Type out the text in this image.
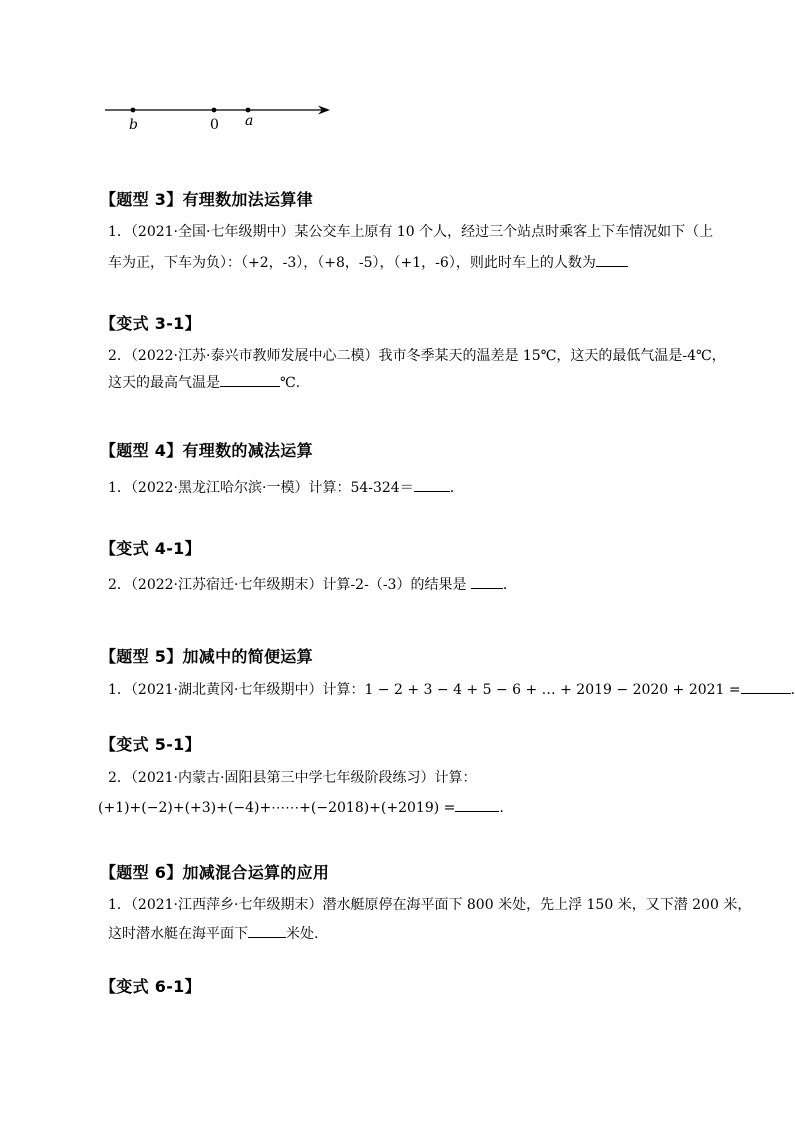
b	0 a
【题型 3】有理数加法运算律
1．（2021·全国·七年级期中）某公交车上原有 10 个人，经过三个站点时乘客上下车情况如下（上
车为正，下车为负）：（+2，-3），（+8，-5），（+1，-6），则此时车上的人数为
【变式 3-1】
2．（2022·江苏·泰兴市教师发展中心二模）我市冬季某天的温差是 15℃，这天的最低气温是-4℃，
这天的最高气温是	℃.
【题型 4】有理数的减法运算
1．（2022·黑龙江哈尔滨·一模）计算：54-324＝	.
【变式 4-1】
2．（2022·江苏宿迁·七年级期末）计算-2-（-3）的结果是 .
【题型 5】加减中的简便运算
1．（2021·湖北黄冈·七年级期中）计算：1 − 2 + 3 − 4 + 5 − 6 + … + 2019 − 2020 + 2021 =	.
【变式 5-1】
2．（2021·内蒙古·固阳县第三中学七年级阶段练习）计算：
(+1)+(−2)+(+3)+(−4)+⋯⋯+(−2018)+(+2019) =	.
【题型 6】加减混合运算的应用
1．（2021·江西萍乡·七年级期末）潜水艇原停在海平面下 800 米处，先上浮 150 米，又下潜 200 米，
这时潜水艇在海平面下	米处.
【变式 6-1】
